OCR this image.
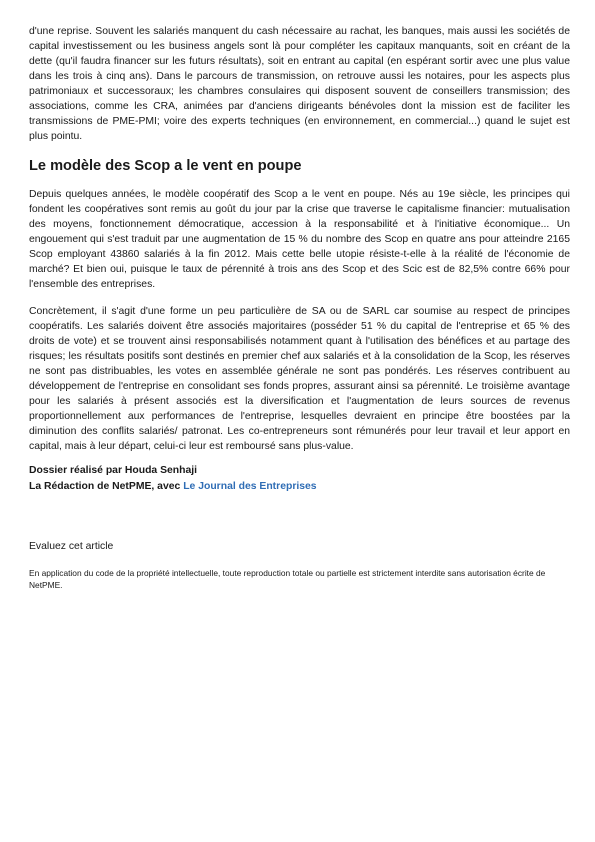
d'une reprise. Souvent les salariés manquent du cash nécessaire au rachat, les banques, mais aussi les sociétés de capital investissement ou les business angels sont là pour compléter les capitaux manquants, soit en créant de la dette (qu'il faudra financer sur les futurs résultats), soit en entrant au capital (en espérant sortir avec une plus value dans les trois à cinq ans). Dans le parcours de transmission, on retrouve aussi les notaires, pour les aspects plus patrimoniaux et successoraux; les chambres consulaires qui disposent souvent de conseillers transmission; des associations, comme les CRA, animées par d'anciens dirigeants bénévoles dont la mission est de faciliter les transmissions de PME-PMI; voire des experts techniques (en environnement, en commercial...) quand le sujet est plus pointu.

Le modèle des Scop a le vent en poupe

Depuis quelques années, le modèle coopératif des Scop a le vent en poupe. Nés au 19e siècle, les principes qui fondent les coopératives sont remis au goût du jour par la crise que traverse le capitalisme financier: mutualisation des moyens, fonctionnement démocratique, accession à la responsabilité et à l'initiative économique... Un engouement qui s'est traduit par une augmentation de 15 % du nombre des Scop en quatre ans pour atteindre 2165 Scop employant 43860 salariés à la fin 2012. Mais cette belle utopie résiste-t-elle à la réalité de l'économie de marché? Et bien oui, puisque le taux de pérennité à trois ans des Scop et des Scic est de 82,5% contre 66% pour l'ensemble des entreprises.

Concrètement, il s'agit d'une forme un peu particulière de SA ou de SARL car soumise au respect de principes coopératifs. Les salariés doivent être associés majoritaires (posséder 51 % du capital de l'entreprise et 65 % des droits de vote) et se trouvent ainsi responsabilisés notamment quant à l'utilisation des bénéfices et au partage des risques; les résultats positifs sont destinés en premier chef aux salariés et à la consolidation de la Scop, les réserves ne sont pas distribuables, les votes en assemblée générale ne sont pas pondérés. Les réserves contribuent au développement de l'entreprise en consolidant ses fonds propres, assurant ainsi sa pérennité. Le troisième avantage pour les salariés à présent associés est la diversification et l'augmentation de leurs sources de revenus proportionnellement aux performances de l'entreprise, lesquelles devraient en principe être boostées par la diminution des conflits salariés/ patronat. Les co-entrepreneurs sont rémunérés pour leur travail et leur apport en capital, mais à leur départ, celui-ci leur est remboursé sans plus-value.

Dossier réalisé par Houda Senhaji
La Rédaction de NetPME, avec Le Journal des Entreprises
Evaluez cet article

En application du code de la propriété intellectuelle, toute reproduction totale ou partielle est strictement interdite sans autorisation écrite de NetPME.
